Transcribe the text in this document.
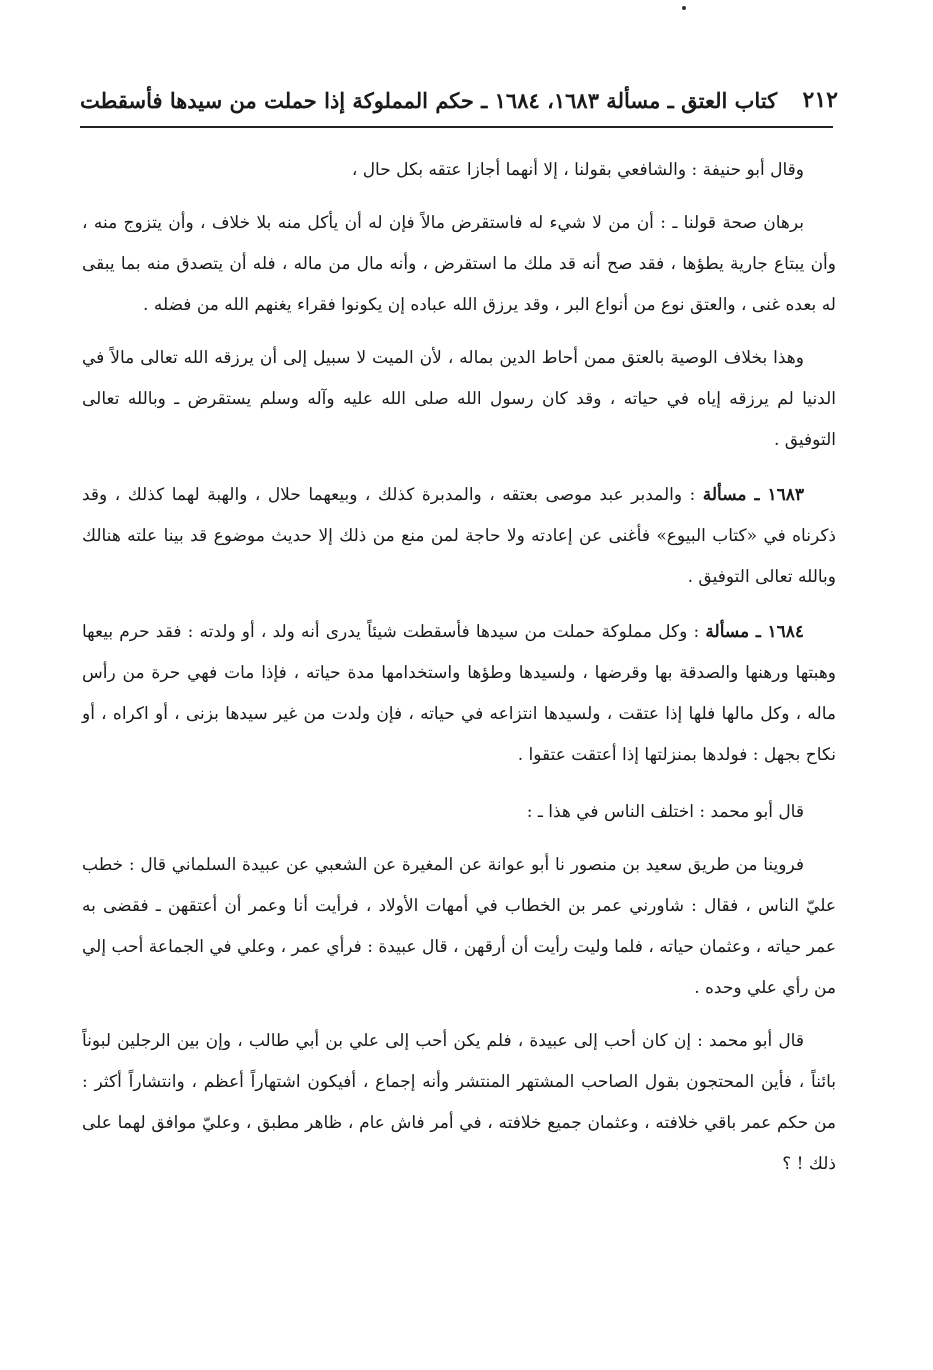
٢١٢
كتاب العتق ـ مسألة ١٦٨٣، ١٦٨٤ ـ حكم المملوكة إذا حملت من سيدها فأسقطت

وقال أبو حنيفة : والشافعي بقولنا ، إلا أنهما أجازا عتقه بكل حال ،

برهان صحة قولنا ـ : أن من لا شيء له فاستقرض مالاً فإن له أن يأكل منه بلا خلاف ، وأن يتزوج منه ، وأن يبتاع جارية يطؤها ، فقد صح أنه قد ملك ما استقرض ، وأنه مال من ماله ، فله أن يتصدق منه بما يبقى له بعده غنى ، والعتق نوع من أنواع البر ، وقد يرزق الله عباده إن يكونوا فقراء يغنهم الله من فضله .

وهذا بخلاف الوصية بالعتق ممن أحاط الدين بماله ، لأن الميت لا سبيل إلى أن يرزقه الله تعالى مالاً في الدنيا لم يرزقه إياه في حياته ، وقد كان رسول الله صلى الله عليه وآله وسلم يستقرض ـ وبالله تعالى التوفيق .

١٦٨٣ ـ مسألة : والمدبر عبد موصى بعتقه ، والمدبرة كذلك ، وبيعهما حلال ، والهبة لهما كذلك ، وقد ذكرناه في «كتاب البيوع» فأغنى عن إعادته ولا حاجة لمن منع من ذلك إلا حديث موضوع قد بينا علته هنالك وبالله تعالى التوفيق .

١٦٨٤ ـ مسألة : وكل مملوكة حملت من سيدها فأسقطت شيئاً يدرى أنه ولد ، أو ولدته : فقد حرم بيعها وهبتها ورهنها والصدقة بها وقرضها ، ولسيدها وطؤها واستخدامها مدة حياته ، فإذا مات فهي حرة من رأس ماله ، وكل مالها فلها إذا عتقت ، ولسيدها انتزاعه في حياته ، فإن ولدت من غير سيدها بزنى ، أو اكراه ، أو نكاح بجهل : فولدها بمنزلتها إذا أعتقت عتقوا .

قال أبو محمد : اختلف الناس في هذا ـ :

فروينا من طريق سعيد بن منصور نا أبو عوانة عن المغيرة عن الشعبي عن عبيدة السلماني قال : خطب عليّ الناس ، فقال : شاورني عمر بن الخطاب في أمهات الأولاد ، فرأيت أنا وعمر أن أعتقهن ـ فقضى به عمر حياته ، وعثمان حياته ، فلما وليت رأيت أن أرقهن ، قال عبيدة : فرأي عمر ، وعلي في الجماعة أحب إلي من رأي علي وحده .

قال أبو محمد : إن كان أحب إلى عبيدة ، فلم يكن أحب إلى علي بن أبي طالب ، وإن بين الرجلين لبوناً بائناً ، فأين المحتجون بقول الصاحب المشتهر المنتشر وأنه إجماع ، أفيكون اشتهاراً أعظم ، وانتشاراً أكثر : من حكم عمر باقي خلافته ، وعثمان جميع خلافته ، في أمر فاش عام ، ظاهر مطبق ، وعليّ موافق لهما على ذلك ! ؟
